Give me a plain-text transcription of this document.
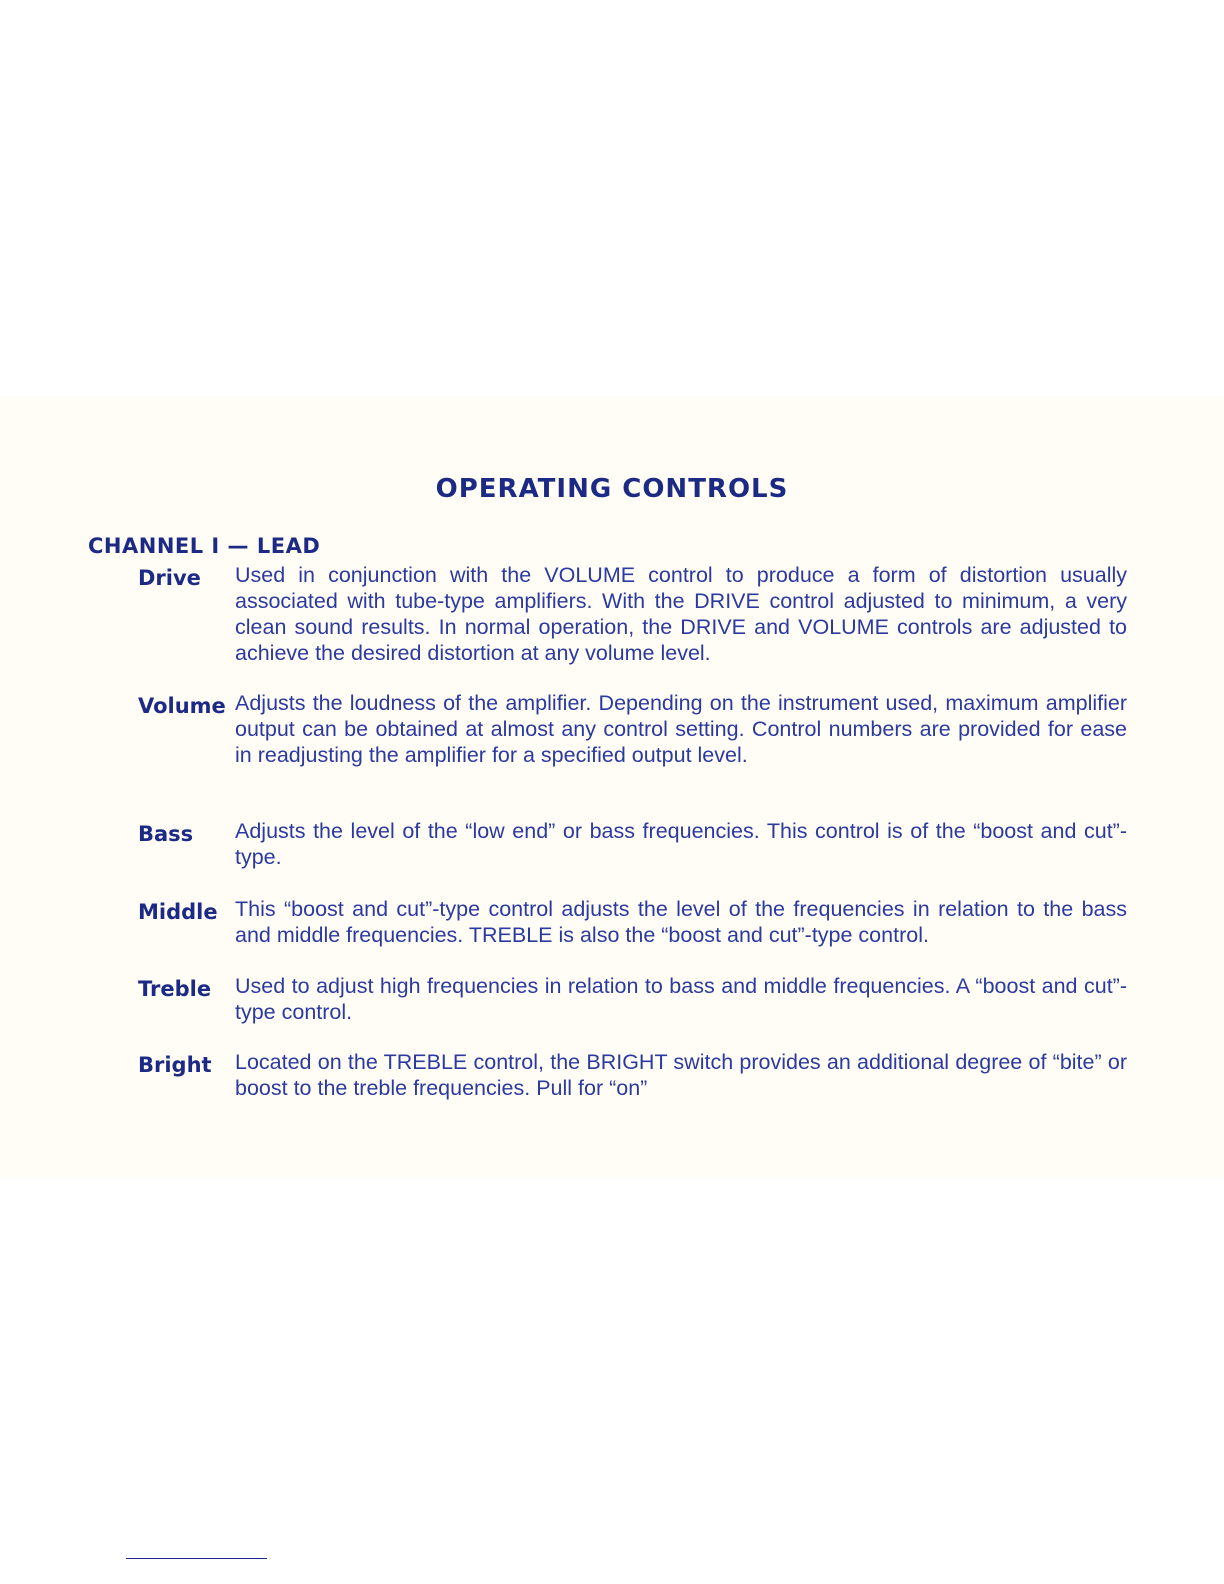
OPERATING CONTROLS
CHANNEL I — LEAD
Drive Used in conjunction with the VOLUME control to produce a form of distortion usually associated with tube-type amplifiers. With the DRIVE control adjusted to minimum, a very clean sound results. In normal operation, the DRIVE and VOLUME controls are adjusted to achieve the desired distortion at any volume level.
Volume Adjusts the loudness of the amplifier. Depending on the instrument used, maximum amplifier output can be obtained at almost any control setting. Control numbers are provided for ease in readjusting the amplifier for a specified output level.
Bass Adjusts the level of the “low end” or bass frequencies. This control is of the “boost and cut”-type.
Middle This “boost and cut”-type control adjusts the level of the frequencies in relation to the bass and middle frequencies. TREBLE is also the “boost and cut”-type control.
Treble Used to adjust high frequencies in relation to bass and middle frequencies. A “boost and cut”-type control.
Bright Located on the TREBLE control, the BRIGHT switch provides an additional degree of “bite” or boost to the treble frequencies. Pull for “on”
